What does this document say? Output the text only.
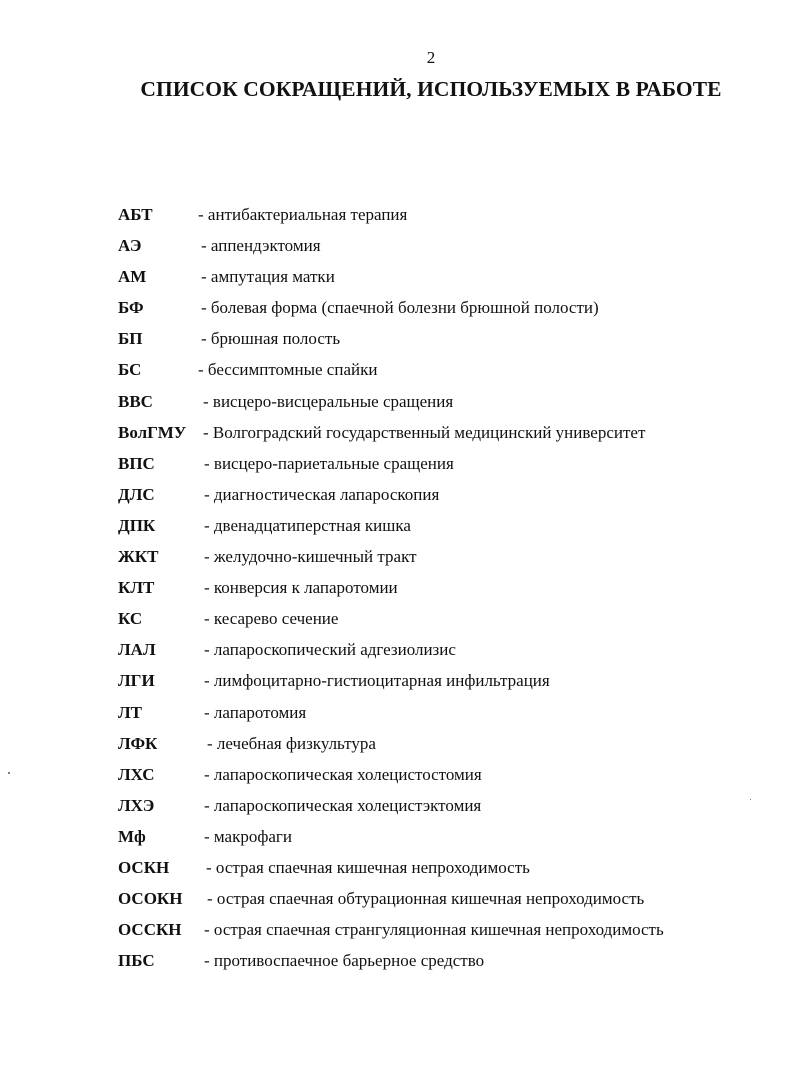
2
СПИСОК СОКРАЩЕНИЙ, ИСПОЛЬЗУЕМЫХ В РАБОТЕ
АБТ	- антибактериальная терапия
АЭ	- аппендэктомия
АМ	- ампутация матки
БФ	- болевая форма (спаечной болезни брюшной полости)
БП	- брюшная полость
БС	- бессимптомные спайки
ВВС	- висцеро-висцеральные сращения
ВолГМУ - Волгоградский государственный медицинский университет
ВПС	- висцеро-париетальные сращения
ДЛС	- диагностическая лапароскопия
ДПК	- двенадцатиперстная кишка
ЖКТ	- желудочно-кишечный тракт
КЛТ	- конверсия к лапаротомии
КС	- кесарево сечение
ЛАЛ	- лапароскопический адгезиолизис
ЛГИ	- лимфоцитарно-гистиоцитарная инфильтрация
ЛТ	- лапаротомия
ЛФК	- лечебная физкультура
ЛХС	- лапароскопическая холецистостомия
ЛХЭ	- лапароскопическая холецистэктомия
Мф	- макрофаги
ОСКН - острая спаечная кишечная непроходимость
ОСОКН - острая спаечная обтурационная кишечная непроходимость
ОССКН - острая спаечная странгуляционная кишечная непроходимость
ПБС	- противоспаечное барьерное средство
